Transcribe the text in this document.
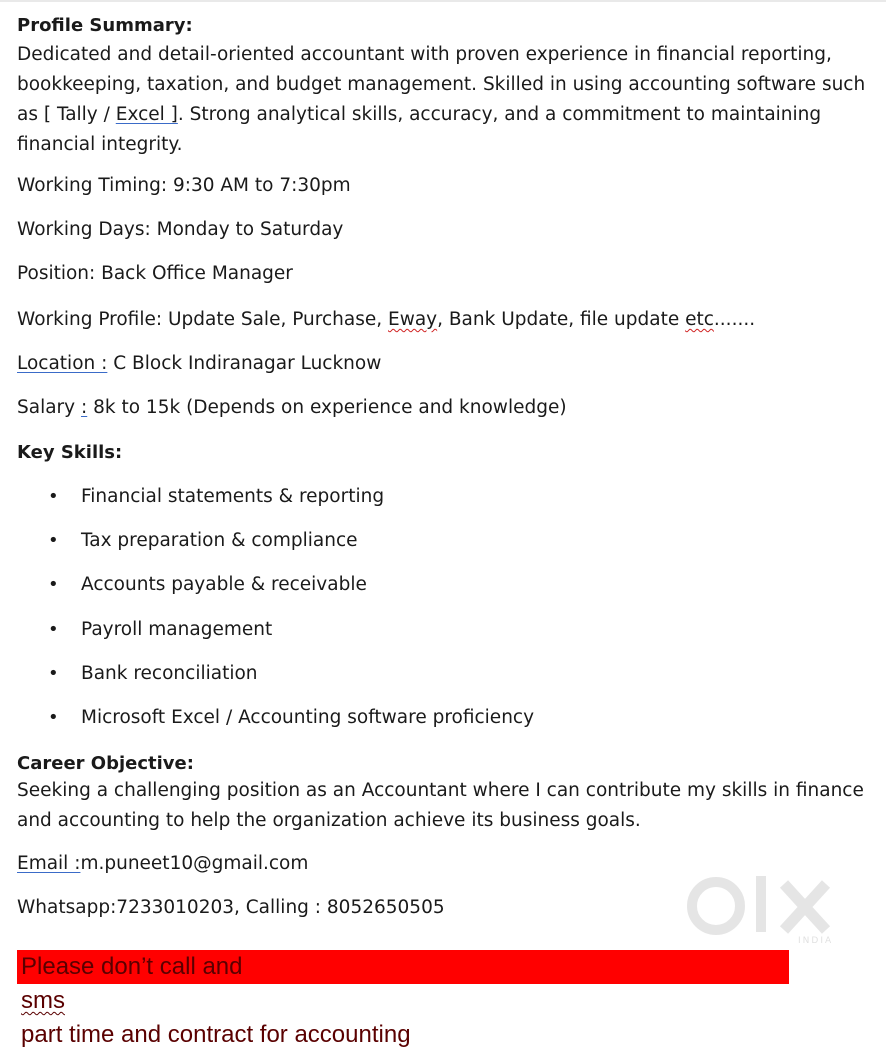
Profile Summary:

Dedicated and detail-oriented accountant with proven experience in financial reporting,
bookkeeping, taxation, and budget management. Skilled in using accounting software such
as [ Tally / Excel ]. Strong analytical skills, accuracy, and a commitment to maintaining
financial integrity.

Working Timing: 9:30 AM to 7:30pm

Working Days: Monday to Saturday

Position: Back Office Manager

Working Profile: Update Sale, Purchase, Eway, Bank Update, file update etc.......

Location : C Block Indiranagar Lucknow

Salary : 8k to 15k (Depends on experience and knowledge)

Key Skills:

• Financial statements & reporting
• Tax preparation & compliance
• Accounts payable & receivable
• Payroll management
• Bank reconciliation
• Microsoft Excel / Accounting software proficiency

Career Objective:

Seeking a challenging position as an Accountant where I can contribute my skills in finance
and accounting to help the organization achieve its business goals.

Email :m.puneet10@gmail.com

Whatsapp:7233010203, Calling : 8052650505

Please don’t call and
sms
part time and contract for accounting
INDIA
